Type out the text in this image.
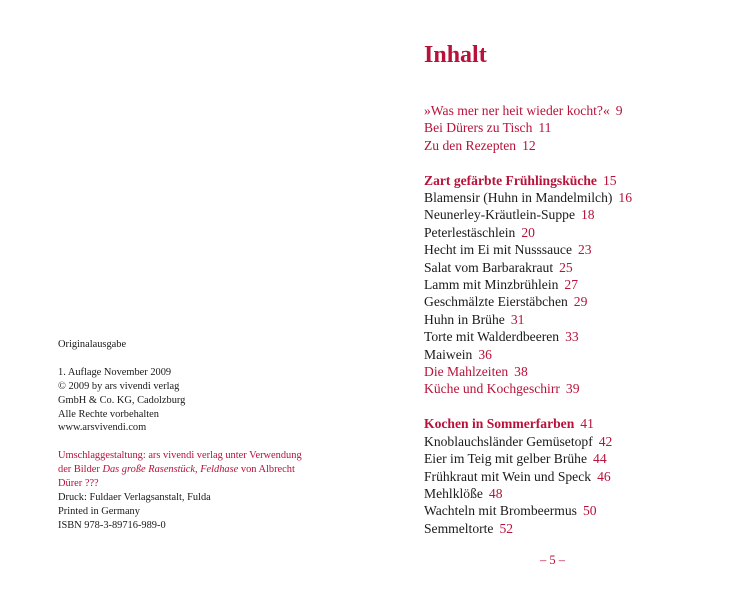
Originalausgabe

1. Auflage November 2009

© 2009 by ars vivendi verlag

GmbH & Co. KG, Cadolzburg

Alle Rechte vorbehalten

www.arsvivendi.com

Umschlaggestaltung: ars vivendi verlag unter Verwendung

der Bilder Das große Rasenstück, Feldhase von Albrecht

Dürer ???

Druck: Fuldaer Verlagsanstalt, Fulda

Printed in Germany

ISBN 978-3-89716-989-0

Inhalt
»Was mer ner heit wieder kocht?« 9
Bei Dürers zu Tisch 11
Zu den Rezepten 12
Zart gefärbte Frühlingsküche 15
Blamensir (Huhn in Mandelmilch) 16
Neunerley-Kräutlein-Suppe 18
Peterlestäschlein 20
Hecht im Ei mit Nusssauce 23
Salat vom Barbarakraut 25
Lamm mit Minzbrühlein 27
Geschmälzte Eierstäbchen 29
Huhn in Brühe 31
Torte mit Walderdbeeren 33
Maiwein 36
Die Mahlzeiten 38
Küche und Kochgeschirr 39
Kochen in Sommerfarben 41
Knoblauchsländer Gemüsetopf 42
Eier im Teig mit gelber Brühe 44
Frühkraut mit Wein und Speck 46
Mehlklöße 48
Wachteln mit Brombeermus 50
Semmeltorte 52
– 5 –
